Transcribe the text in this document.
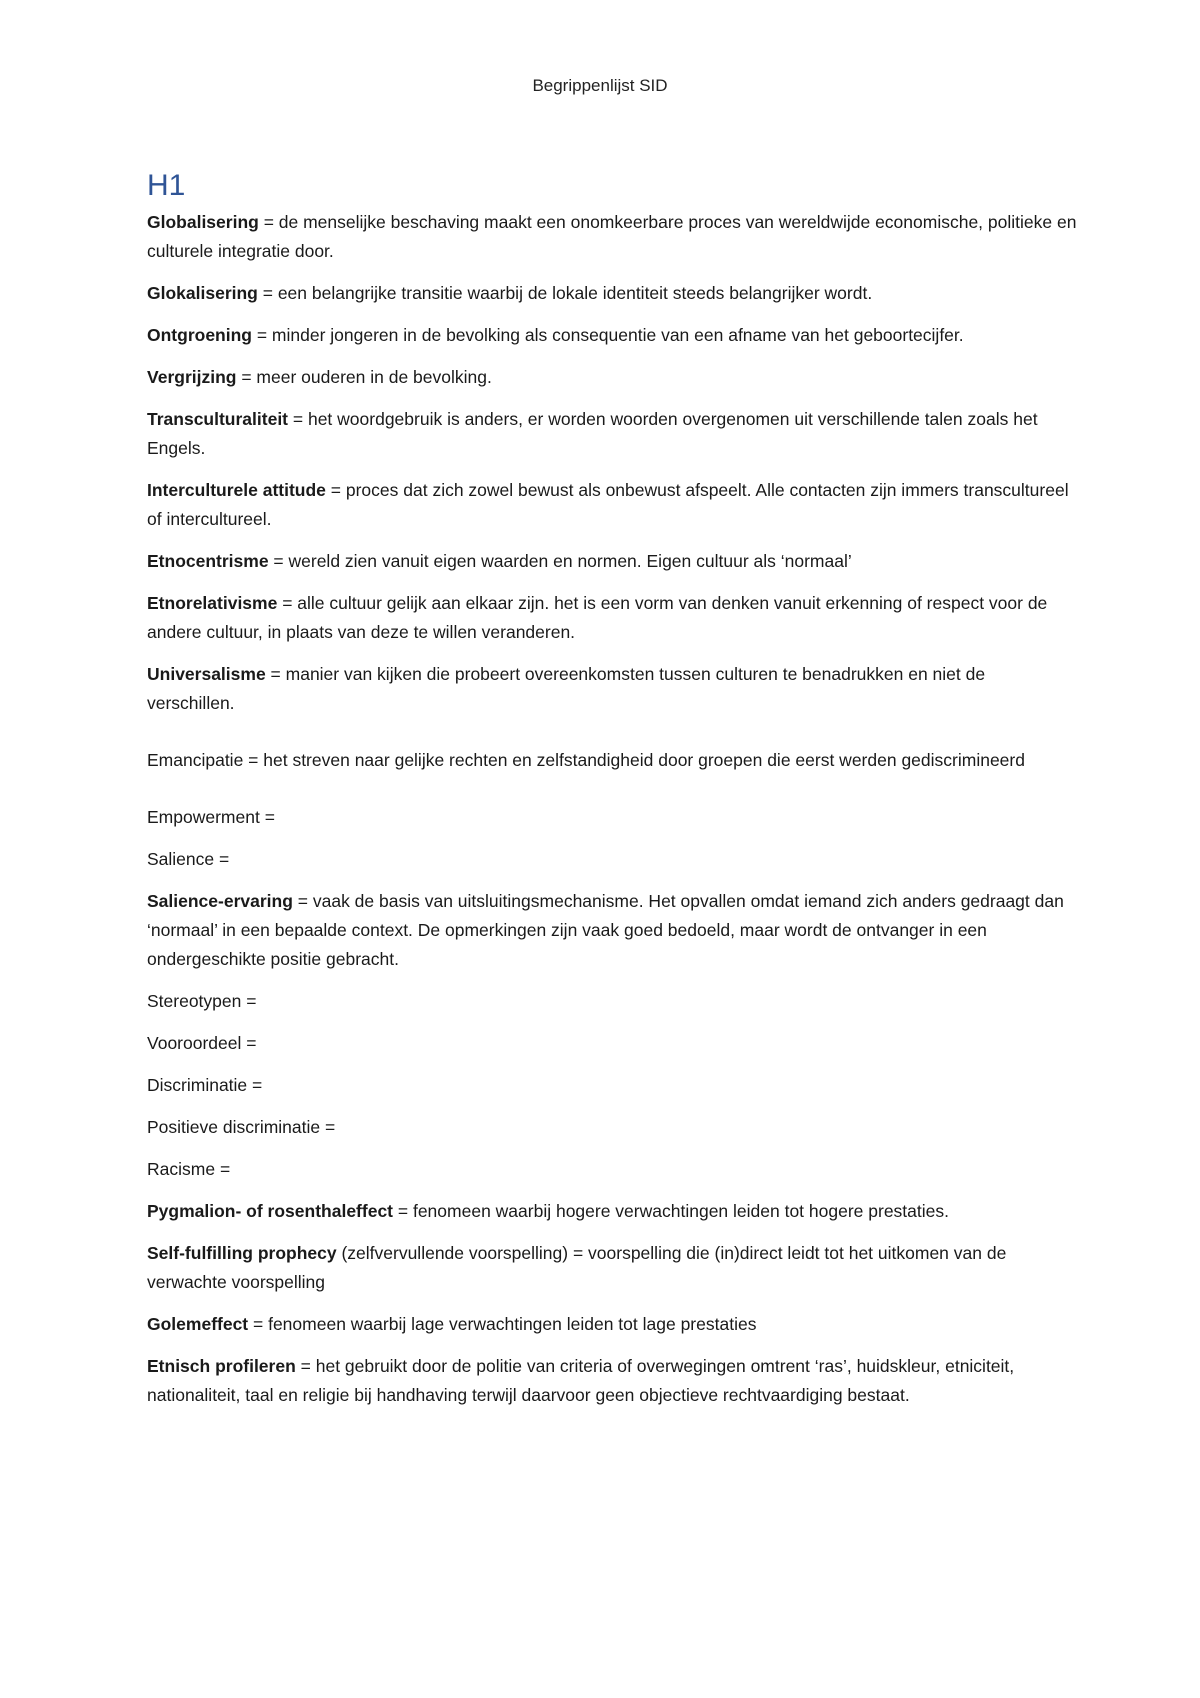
Begrippenlijst SID
H1

Globalisering = de menselijke beschaving maakt een onomkeerbare proces van wereldwijde economische, politieke en culturele integratie door.

Glokalisering = een belangrijke transitie waarbij de lokale identiteit steeds belangrijker wordt.

Ontgroening = minder jongeren in de bevolking als consequentie van een afname van het geboortecijfer.

Vergrijzing = meer ouderen in de bevolking.

Transculturaliteit = het woordgebruik is anders, er worden woorden overgenomen uit verschillende talen zoals het Engels.

Interculturele attitude = proces dat zich zowel bewust als onbewust afspeelt. Alle contacten zijn immers transcultureel of intercultureel.

Etnocentrisme = wereld zien vanuit eigen waarden en normen. Eigen cultuur als ‘normaal’

Etnorelativisme = alle cultuur gelijk aan elkaar zijn. het is een vorm van denken vanuit erkenning of respect voor de andere cultuur, in plaats van deze te willen veranderen.

Universalisme = manier van kijken die probeert overeenkomsten tussen culturen te benadrukken en niet de verschillen.

Emancipatie = het streven naar gelijke rechten en zelfstandigheid door groepen die eerst werden gediscrimineerd

Empowerment =

Salience =

Salience-ervaring = vaak de basis van uitsluitingsmechanisme. Het opvallen omdat iemand zich anders gedraagt dan ‘normaal’ in een bepaalde context. De opmerkingen zijn vaak goed bedoeld, maar wordt de ontvanger in een ondergeschikte positie gebracht.

Stereotypen =

Vooroordeel =

Discriminatie =

Positieve discriminatie =

Racisme =

Pygmalion- of rosenthaleffect = fenomeen waarbij hogere verwachtingen leiden tot hogere prestaties.

Self-fulfilling prophecy (zelfvervullende voorspelling) = voorspelling die (in)direct leidt tot het uitkomen van de verwachte voorspelling

Golemeffect = fenomeen waarbij lage verwachtingen leiden tot lage prestaties

Etnisch profileren = het gebruikt door de politie van criteria of overwegingen omtrent ‘ras’, huidskleur, etniciteit, nationaliteit, taal en religie bij handhaving terwijl daarvoor geen objectieve rechtvaardiging bestaat.
